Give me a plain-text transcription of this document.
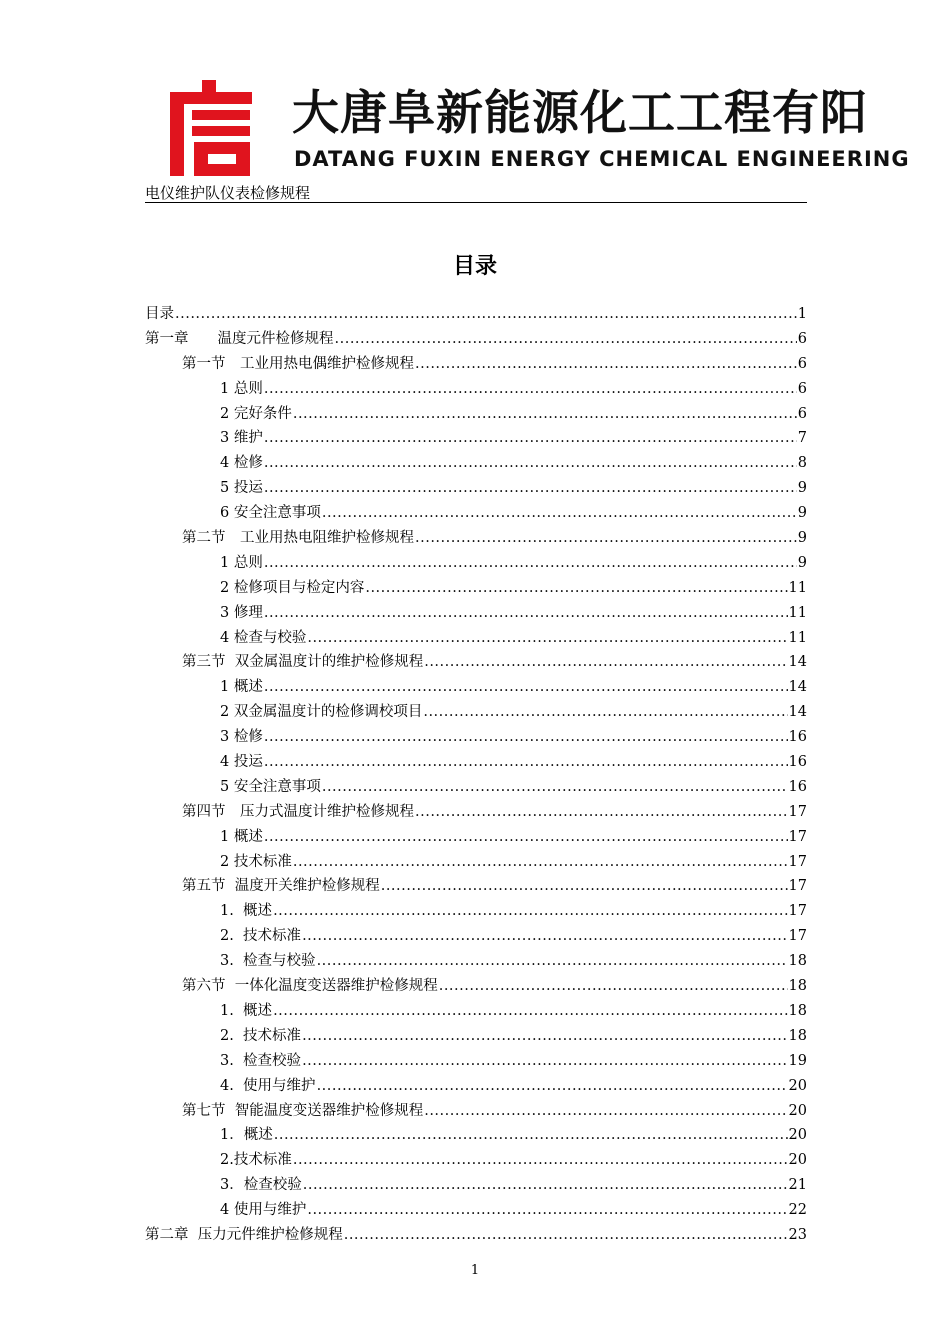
大唐阜新能源化工工程有阳
DATANG FUXIN ENERGY CHEMICAL ENGINEERING
电仪维护队仪表检修规程
目录
目录 .....	1
第一章　　温度元件检修规程 .....	6
第一节　工业用热电偶维护检修规程 .....	6
1 总则 .....	6
2 完好条件 .....	6
3 维护 .....	7
4 检修 .....	8
5 投运 .....	9
6 安全注意事项 .....	9
第二节　工业用热电阻维护检修规程 .....	9
1 总则 .....	9
2 检修项目与检定内容 .....	11
3 修理 .....	11
4 检查与校验 .....	11
第三节  双金属温度计的维护检修规程 .....	14
1 概述 .....	14
2 双金属温度计的检修调校项目 .....	14
3 检修 .....	16
4 投运 .....	16
5 安全注意事项 .....	16
第四节　压力式温度计维护检修规程 .....	17
1 概述 .....	17
2 技术标准 .....	17
第五节  温度开关维护检修规程 .....	17
1.  概述 .....	17
2.  技术标准 .....	17
3.  检查与校验 .....	18
第六节  一体化温度变送器维护检修规程 .....	18
1.  概述 .....	18
2.  技术标准 .....	18
3.  检查校验 .....	19
4.  使用与维护 .....	20
第七节  智能温度变送器维护检修规程 .....	20
1．概述 .....	20
2.技术标准 .....	20
3．检查校验 .....	21
4 使用与维护 .....	22
第二章  压力元件维护检修规程 .....	23
1
